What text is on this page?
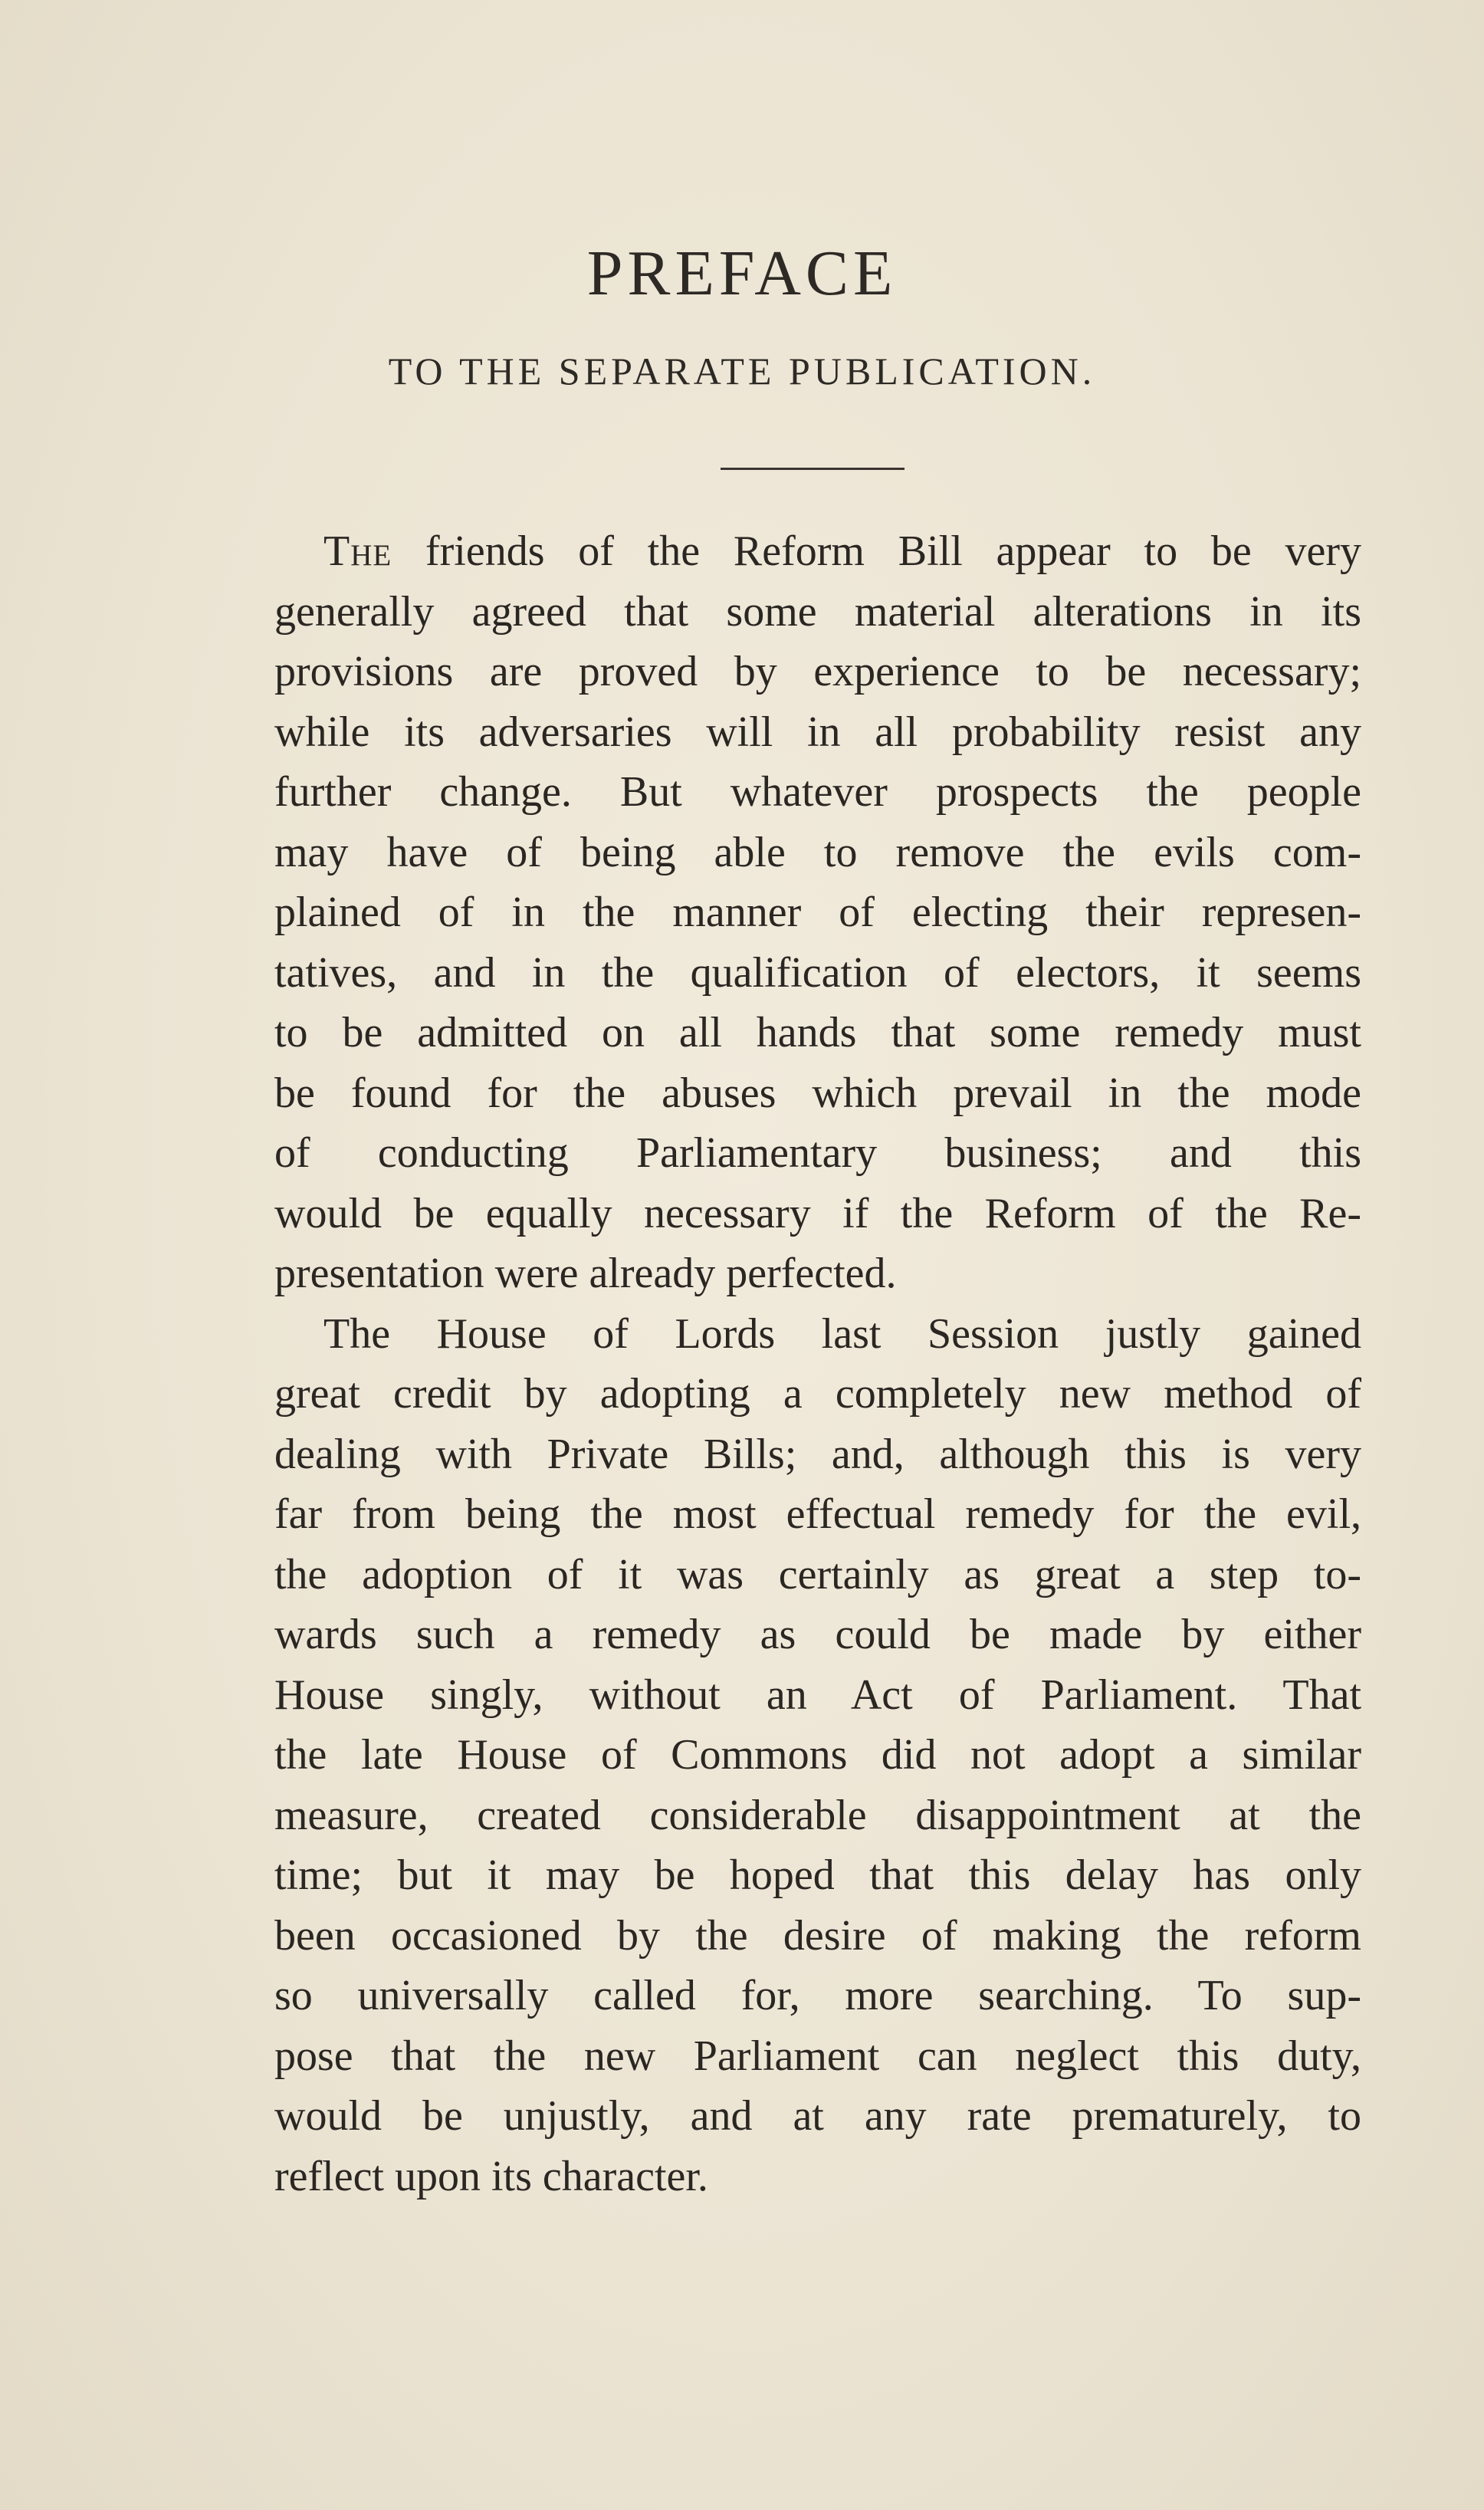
PREFACE
TO THE SEPARATE PUBLICATION.
The friends of the Reform Bill appear to be very
generally agreed that some material alterations in its
provisions are proved by experience to be necessary;
while its adversaries will in all probability resist any
further change. But whatever prospects the people
may have of being able to remove the evils com-
plained of in the manner of electing their represen-
tatives, and in the qualification of electors, it seems
to be admitted on all hands that some remedy must
be found for the abuses which prevail in the mode
of conducting Parliamentary business; and this
would be equally necessary if the Reform of the Re-
presentation were already perfected.
The House of Lords last Session justly gained
great credit by adopting a completely new method of
dealing with Private Bills; and, although this is very
far from being the most effectual remedy for the evil,
the adoption of it was certainly as great a step to-
wards such a remedy as could be made by either
House singly, without an Act of Parliament. That
the late House of Commons did not adopt a similar
measure, created considerable disappointment at the
time; but it may be hoped that this delay has only
been occasioned by the desire of making the reform
so universally called for, more searching. To sup-
pose that the new Parliament can neglect this duty,
would be unjustly, and at any rate prematurely, to
reflect upon its character.
